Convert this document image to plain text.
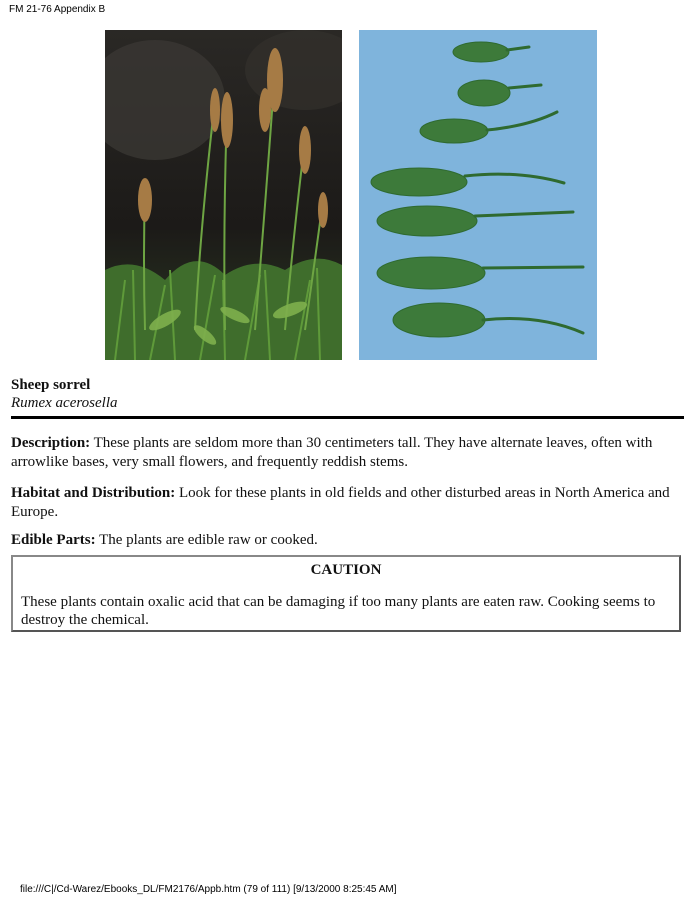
FM 21-76 Appendix B
Sheep sorrel
Rumex acerosella
Description: These plants are seldom more than 30 centimeters tall. They have alternate leaves, often with arrowlike bases, very small flowers, and frequently reddish stems.
Habitat and Distribution: Look for these plants in old fields and other disturbed areas in North America and Europe.
Edible Parts: The plants are edible raw or cooked.
CAUTION
These plants contain oxalic acid that can be damaging if too many plants are eaten raw. Cooking seems to destroy the chemical.
file:///C|/Cd-Warez/Ebooks_DL/FM2176/Appb.htm (79 of 111) [9/13/2000 8:25:45 AM]
